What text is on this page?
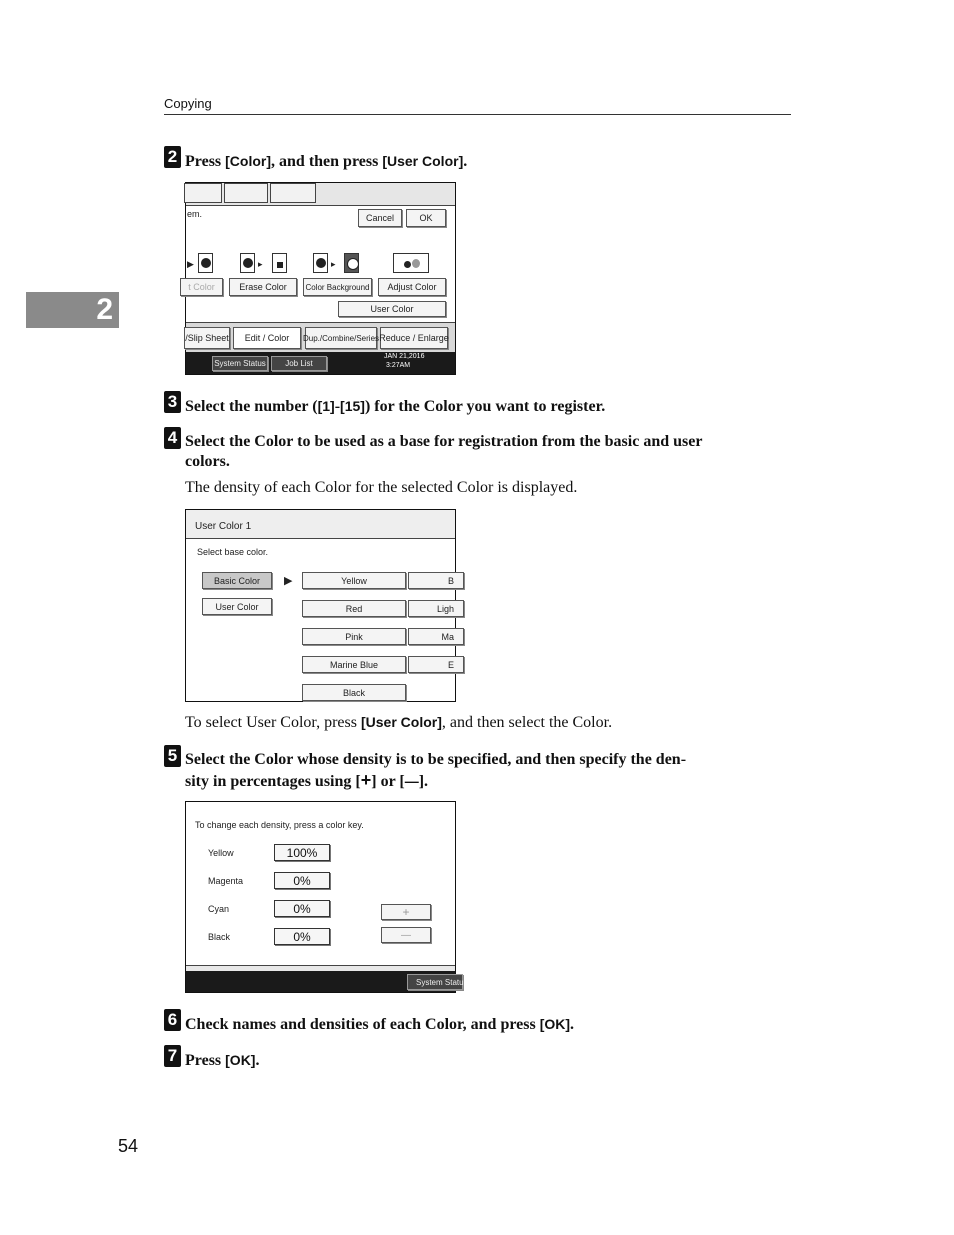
Copying
2
2 Press [Color], and then press [User Color].
em.	Cancel	OK
▶	▸	▸
t Color	Erase Color	Color Background	Adjust Color
User Color
/Slip Sheet	Edit / Color	Dup./Combine/Series Reduce / Enlarge
System Status	Job List
JAN 21,2016
3:27AM
3 Select the number ([1]-[15]) for the Color you want to register.
4 Select the Color to be used as a base for registration from the basic and user
colors.
The density of each Color for the selected Color is displayed.
User Color 1
Select base color.
Basic Color
User Color
▶	Yellow
Red
Pink
Marine Blue
Black
B
Ligh
Ma
E
To select User Color, press [User Color], and then select the Color.
5 Select the Color whose density is to be specified, and then specify the den-
sity in percentages using [+] or [—].
To change each density, press a color key.
Yellow	100%
Magenta	0%
Cyan	0%
Black	0%
+
—
System Statu
6 Check names and densities of each Color, and press [OK].
7 Press [OK].
54
